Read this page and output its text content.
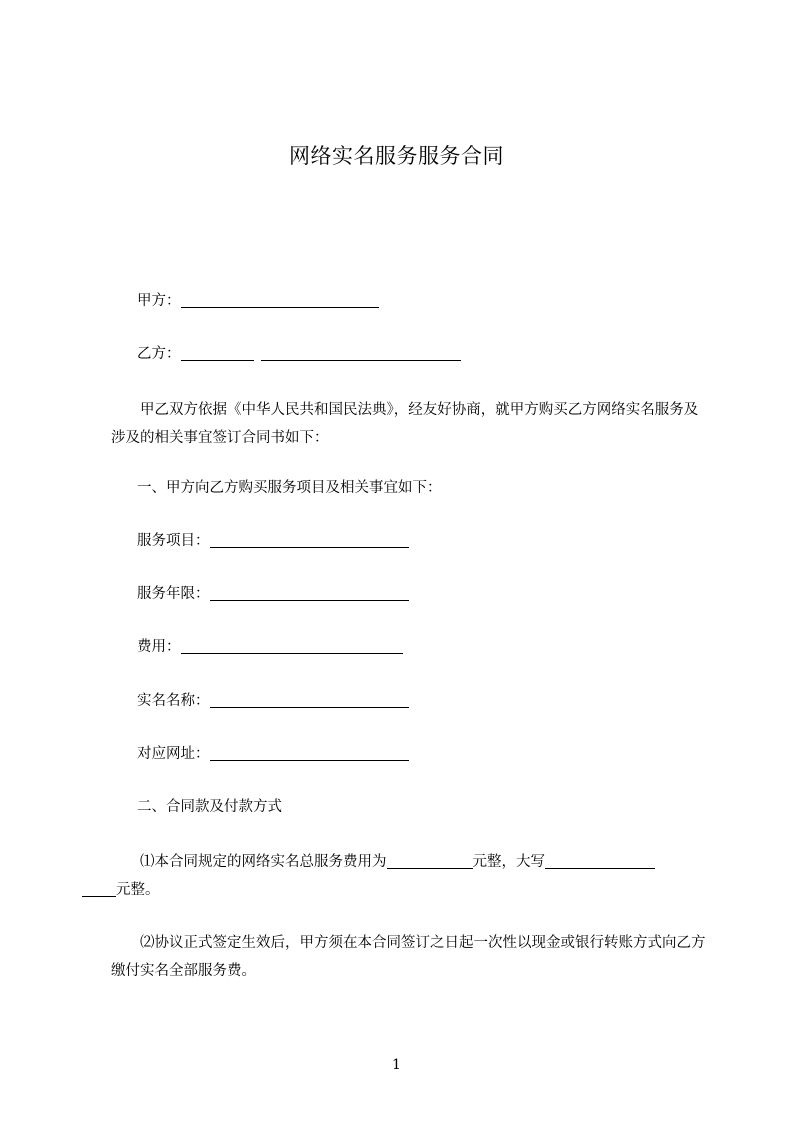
网络实名服务服务合同
甲方：
乙方：
甲乙双方依据《中华人民共和国民法典》，经友好协商，就甲方购买乙方网络实名服务及涉及的相关事宜签订合同书如下：
一、甲方向乙方购买服务项目及相关事宜如下：
服务项目：
服务年限：
费用：
实名名称：
对应网址：
二、合同款及付款方式
⑴本合同规定的网络实名总服务费用为	元整，大写
元整。
⑵协议正式签定生效后，甲方须在本合同签订之日起一次性以现金或银行转账方式向乙方缴付实名全部服务费。
1
